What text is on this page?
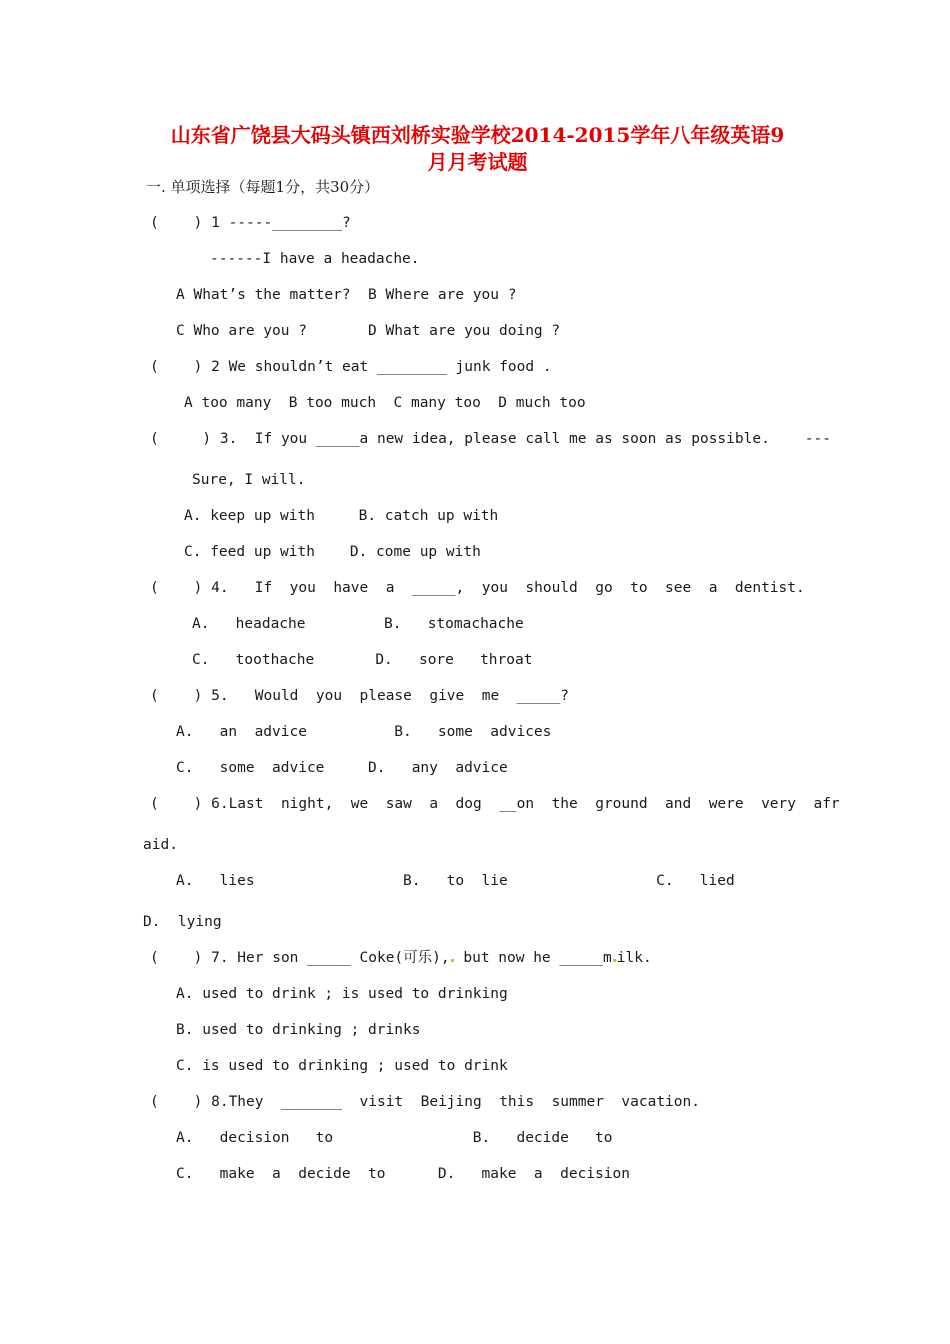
山东省广饶县大码头镇西刘桥实验学校2014-2015学年八年级英语9
月月考试题

一. 单项选择（每题1分，共30分）

(    ) 1 -----________?

------I have a headache.

A What’s the matter?  B Where are you ?

C Who are you ?       D What are you doing ?

(    ) 2 We shouldn’t eat ________ junk food .

A too many  B too much  C many too  D much too

(     ) 3.  If you _____a new idea, please call me as soon as possible.    ---

Sure, I will.

A. keep up with     B. catch up with

C. feed up with    D. come up with

(    ) 4.   If  you  have  a  _____,  you  should  go  to  see  a  dentist.

A.   headache         B.   stomachache

C.   toothache       D.   sore   throat

(    ) 5.   Would  you  please  give  me  _____?

A.   an  advice          B.   some  advices

C.   some  advice     D.   any  advice

(    ) 6.Last  night,  we  saw  a  dog  __on  the  ground  and  were  very  afr

aid.

A.   lies                 B.   to  lie                 C.   lied

D.  lying

(    ) 7. Her son _____ Coke(可乐), but now he _____m ilk.

A. used to drink ; is used to drinking

B. used to drinking ; drinks

C. is used to drinking ; used to drink

(    ) 8.They  _______  visit  Beijing  this  summer  vacation.

A.   decision   to                B.   decide   to

C.   make  a  decide  to      D.   make  a  decision
